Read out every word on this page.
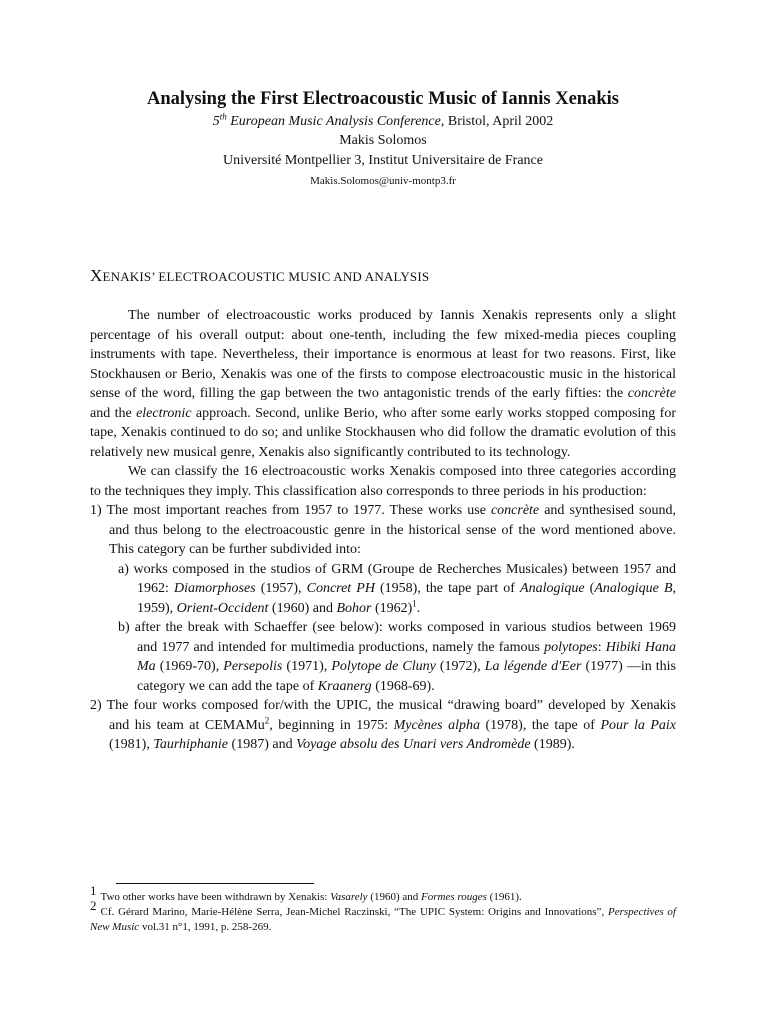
Analysing the First Electroacoustic Music of Iannis Xenakis
5th European Music Analysis Conference, Bristol, April 2002
Makis Solomos
Université Montpellier 3, Institut Universitaire de France
Makis.Solomos@univ-montp3.fr
XENAKIS’ ELECTROACOUSTIC MUSIC AND ANALYSIS

The number of electroacoustic works produced by Iannis Xenakis represents only a slight percentage of his overall output: about one-tenth, including the few mixed-media pieces coupling instruments with tape. Nevertheless, their importance is enormous at least for two reasons. First, like Stockhausen or Berio, Xenakis was one of the firsts to compose electroacoustic music in the historical sense of the word, filling the gap between the two antagonistic trends of the early fifties: the concrète and the electronic approach. Second, unlike Berio, who after some early works stopped composing for tape, Xenakis continued to do so; and unlike Stockhausen who did follow the dramatic evolution of this relatively new musical genre, Xenakis also significantly contributed to its technology.

We can classify the 16 electroacoustic works Xenakis composed into three categories according to the techniques they imply. This classification also corresponds to three periods in his production:

1) The most important reaches from 1957 to 1977. These works use concrète and synthesised sound, and thus belong to the electroacoustic genre in the historical sense of the word mentioned above. This category can be further subdivided into:

a) works composed in the studios of GRM (Groupe de Recherches Musicales) between 1957 and 1962: Diamorphoses (1957), Concret PH (1958), the tape part of Analogique (Analogique B, 1959), Orient-Occident (1960) and Bohor $(1962)^1$.

b) after the break with Schaeffer (see below): works composed in various studios between 1969 and 1977 and intended for multimedia productions, namely the famous polytopes: Hibiki Hana Ma (1969-70), Persepolis (1971), Polytope de Cluny (1972), La légende d'Eer (1977) —in this category we can add the tape of Kraanerg (1968-69).

2) The four works composed for/with the UPIC, the musical “drawing board” developed by Xenakis and his team at CEMAMu$^2$, beginning in 1975: Mycènes alpha (1978), the tape of Pour la Paix (1981), Taurhiphanie (1987) and Voyage absolu des Unari vers Andromède (1989).

1 Two other works have been withdrawn by Xenakis: Vasarely (1960) and Formes rouges (1961).

2 Cf. Gérard Marino, Marie-Hélène Serra, Jean-Michel Raczinski, “The UPIC System: Origins and Innovations”, Perspectives of New Music vol.31 n°1, 1991, p. 258-269.
